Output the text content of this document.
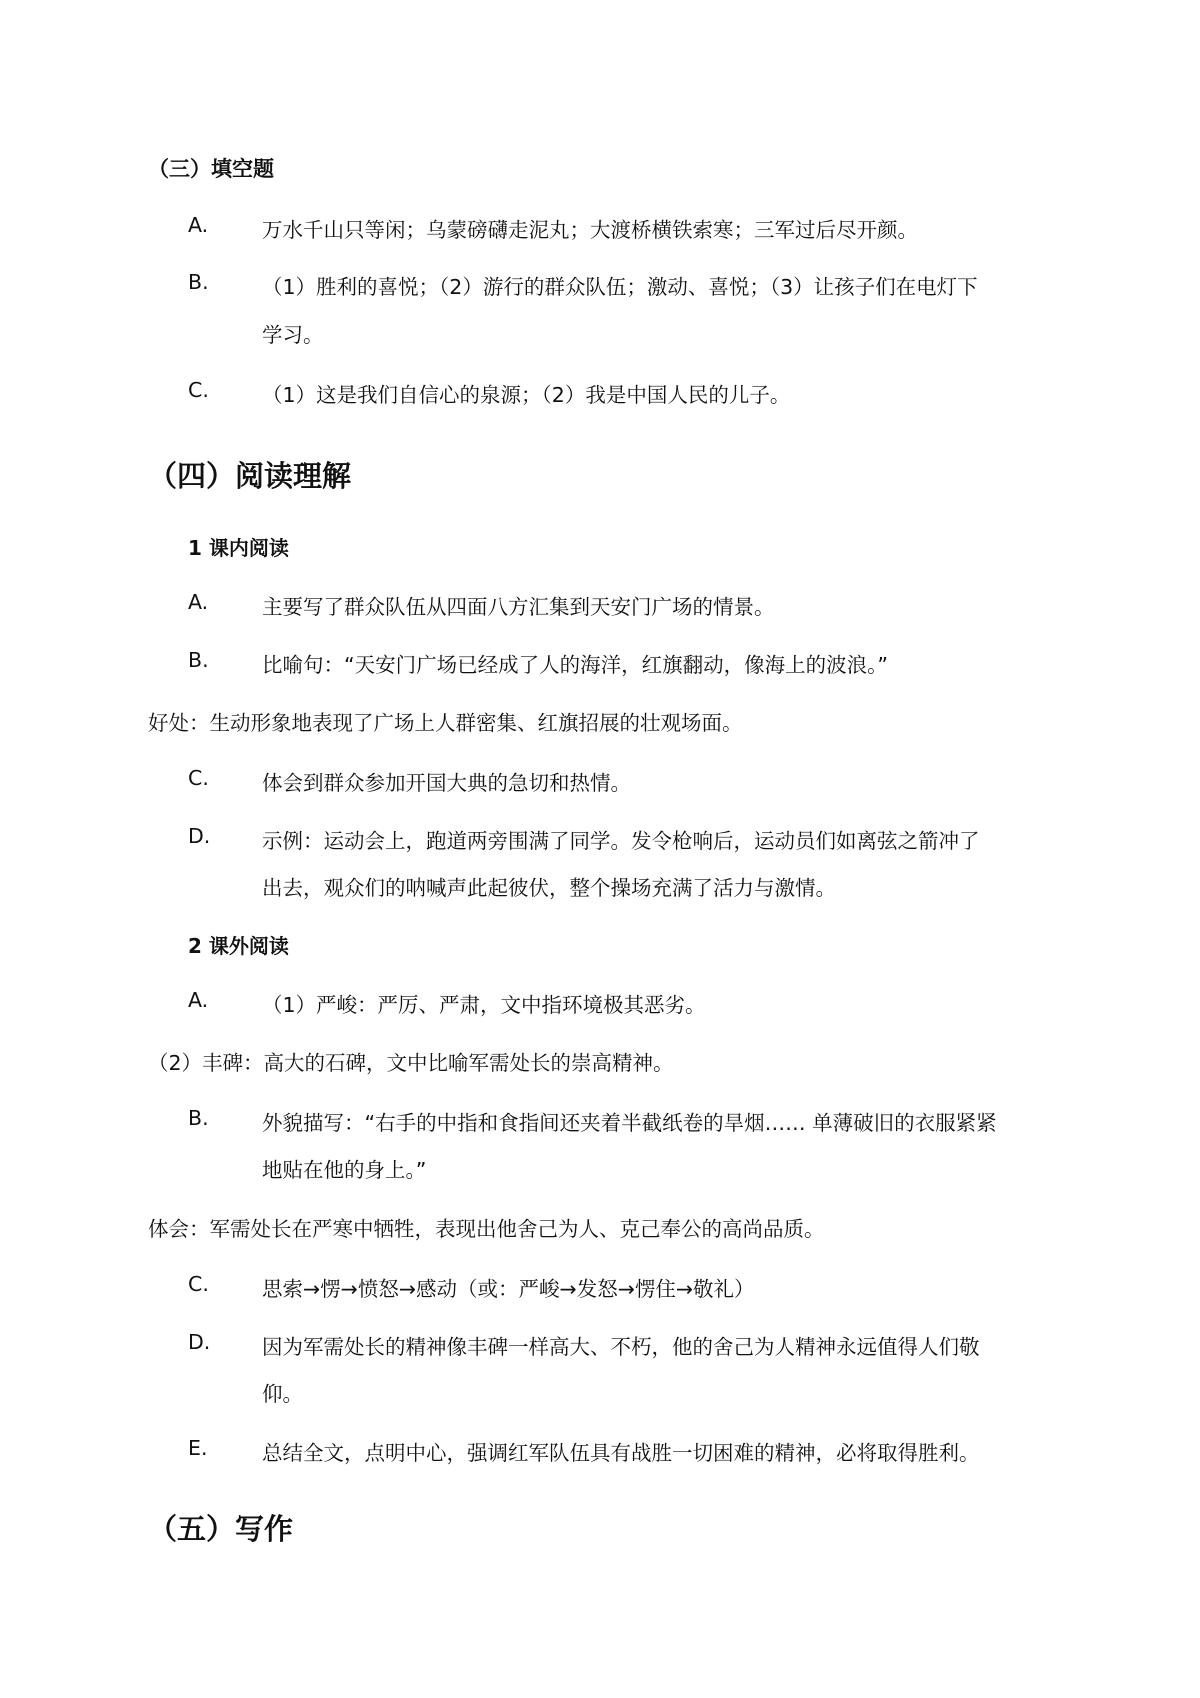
（三）填空题
A.	万水千山只等闲；乌蒙磅礴走泥丸；大渡桥横铁索寒；三军过后尽开颜。
B.	（1）胜利的喜悦；（2）游行的群众队伍；激动、喜悦；（3）让孩子们在电灯下
学习。
C.	（1）这是我们自信心的泉源；（2）我是中国人民的儿子。
（四）阅读理解
1 课内阅读
A.	主要写了群众队伍从四面八方汇集到天安门广场的情景。
B.	比喻句：“天安门广场已经成了人的海洋，红旗翻动，像海上的波浪。”
好处：生动形象地表现了广场上人群密集、红旗招展的壮观场面。
C.	体会到群众参加开国大典的急切和热情。
D.	示例：运动会上，跑道两旁围满了同学。发令枪响后，运动员们如离弦之箭冲了
出去，观众们的呐喊声此起彼伏，整个操场充满了活力与激情。
2 课外阅读
A.	（1）严峻：严厉、严肃，文中指环境极其恶劣。
（2）丰碑：高大的石碑，文中比喻军需处长的崇高精神。
B.	外貌描写：“右手的中指和食指间还夹着半截纸卷的旱烟…… 单薄破旧的衣服紧紧
地贴在他的身上。”
体会：军需处长在严寒中牺牲，表现出他舍己为人、克己奉公的高尚品质。
C.	思索→愣→愤怒→感动（或：严峻→发怒→愣住→敬礼）
D.	因为军需处长的精神像丰碑一样高大、不朽，他的舍己为人精神永远值得人们敬
仰。
E.	总结全文，点明中心，强调红军队伍具有战胜一切困难的精神，必将取得胜利。
（五）写作
